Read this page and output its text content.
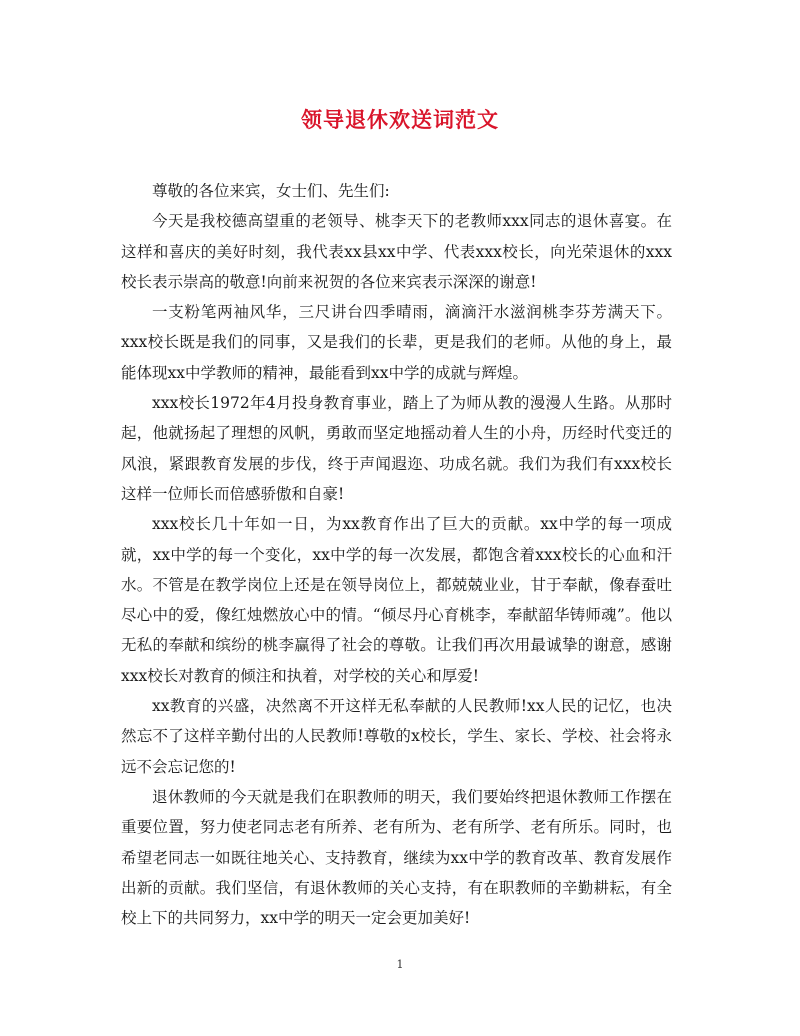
领导退休欢送词范文

尊敬的各位来宾，女士们、先生们:

今天是我校德高望重的老领导、桃李天下的老教师xxx同志的退休喜宴。在这样和喜庆的美好时刻，我代表xx县xx中学、代表xxx校长，向光荣退休的xxx校长表示崇高的敬意!向前来祝贺的各位来宾表示深深的谢意!

一支粉笔两袖风华，三尺讲台四季晴雨，滴滴汗水滋润桃李芬芳满天下。xxx校长既是我们的同事，又是我们的长辈，更是我们的老师。从他的身上，最能体现xx中学教师的精神，最能看到xx中学的成就与辉煌。

xxx校长1972年4月投身教育事业，踏上了为师从教的漫漫人生路。从那时起，他就扬起了理想的风帆，勇敢而坚定地摇动着人生的小舟，历经时代变迁的风浪，紧跟教育发展的步伐，终于声闻遐迩、功成名就。我们为我们有xxx校长这样一位师长而倍感骄傲和自豪!

xxx校长几十年如一日，为xx教育作出了巨大的贡献。xx中学的每一项成就，xx中学的每一个变化，xx中学的每一次发展，都饱含着xxx校长的心血和汗水。不管是在教学岗位上还是在领导岗位上，都兢兢业业，甘于奉献，像春蚕吐尽心中的爱，像红烛燃放心中的情。“倾尽丹心育桃李，奉献韶华铸师魂”。他以无私的奉献和缤纷的桃李赢得了社会的尊敬。让我们再次用最诚挚的谢意，感谢xxx校长对教育的倾注和执着，对学校的关心和厚爱!

xx教育的兴盛，决然离不开这样无私奉献的人民教师!xx人民的记忆，也决然忘不了这样辛勤付出的人民教师!尊敬的x校长，学生、家长、学校、社会将永远不会忘记您的!

退休教师的今天就是我们在职教师的明天，我们要始终把退休教师工作摆在重要位置，努力使老同志老有所养、老有所为、老有所学、老有所乐。同时，也希望老同志一如既往地关心、支持教育，继续为xx中学的教育改革、教育发展作出新的贡献。我们坚信，有退休教师的关心支持，有在职教师的辛勤耕耘，有全校上下的共同努力，xx中学的明天一定会更加美好!

1
